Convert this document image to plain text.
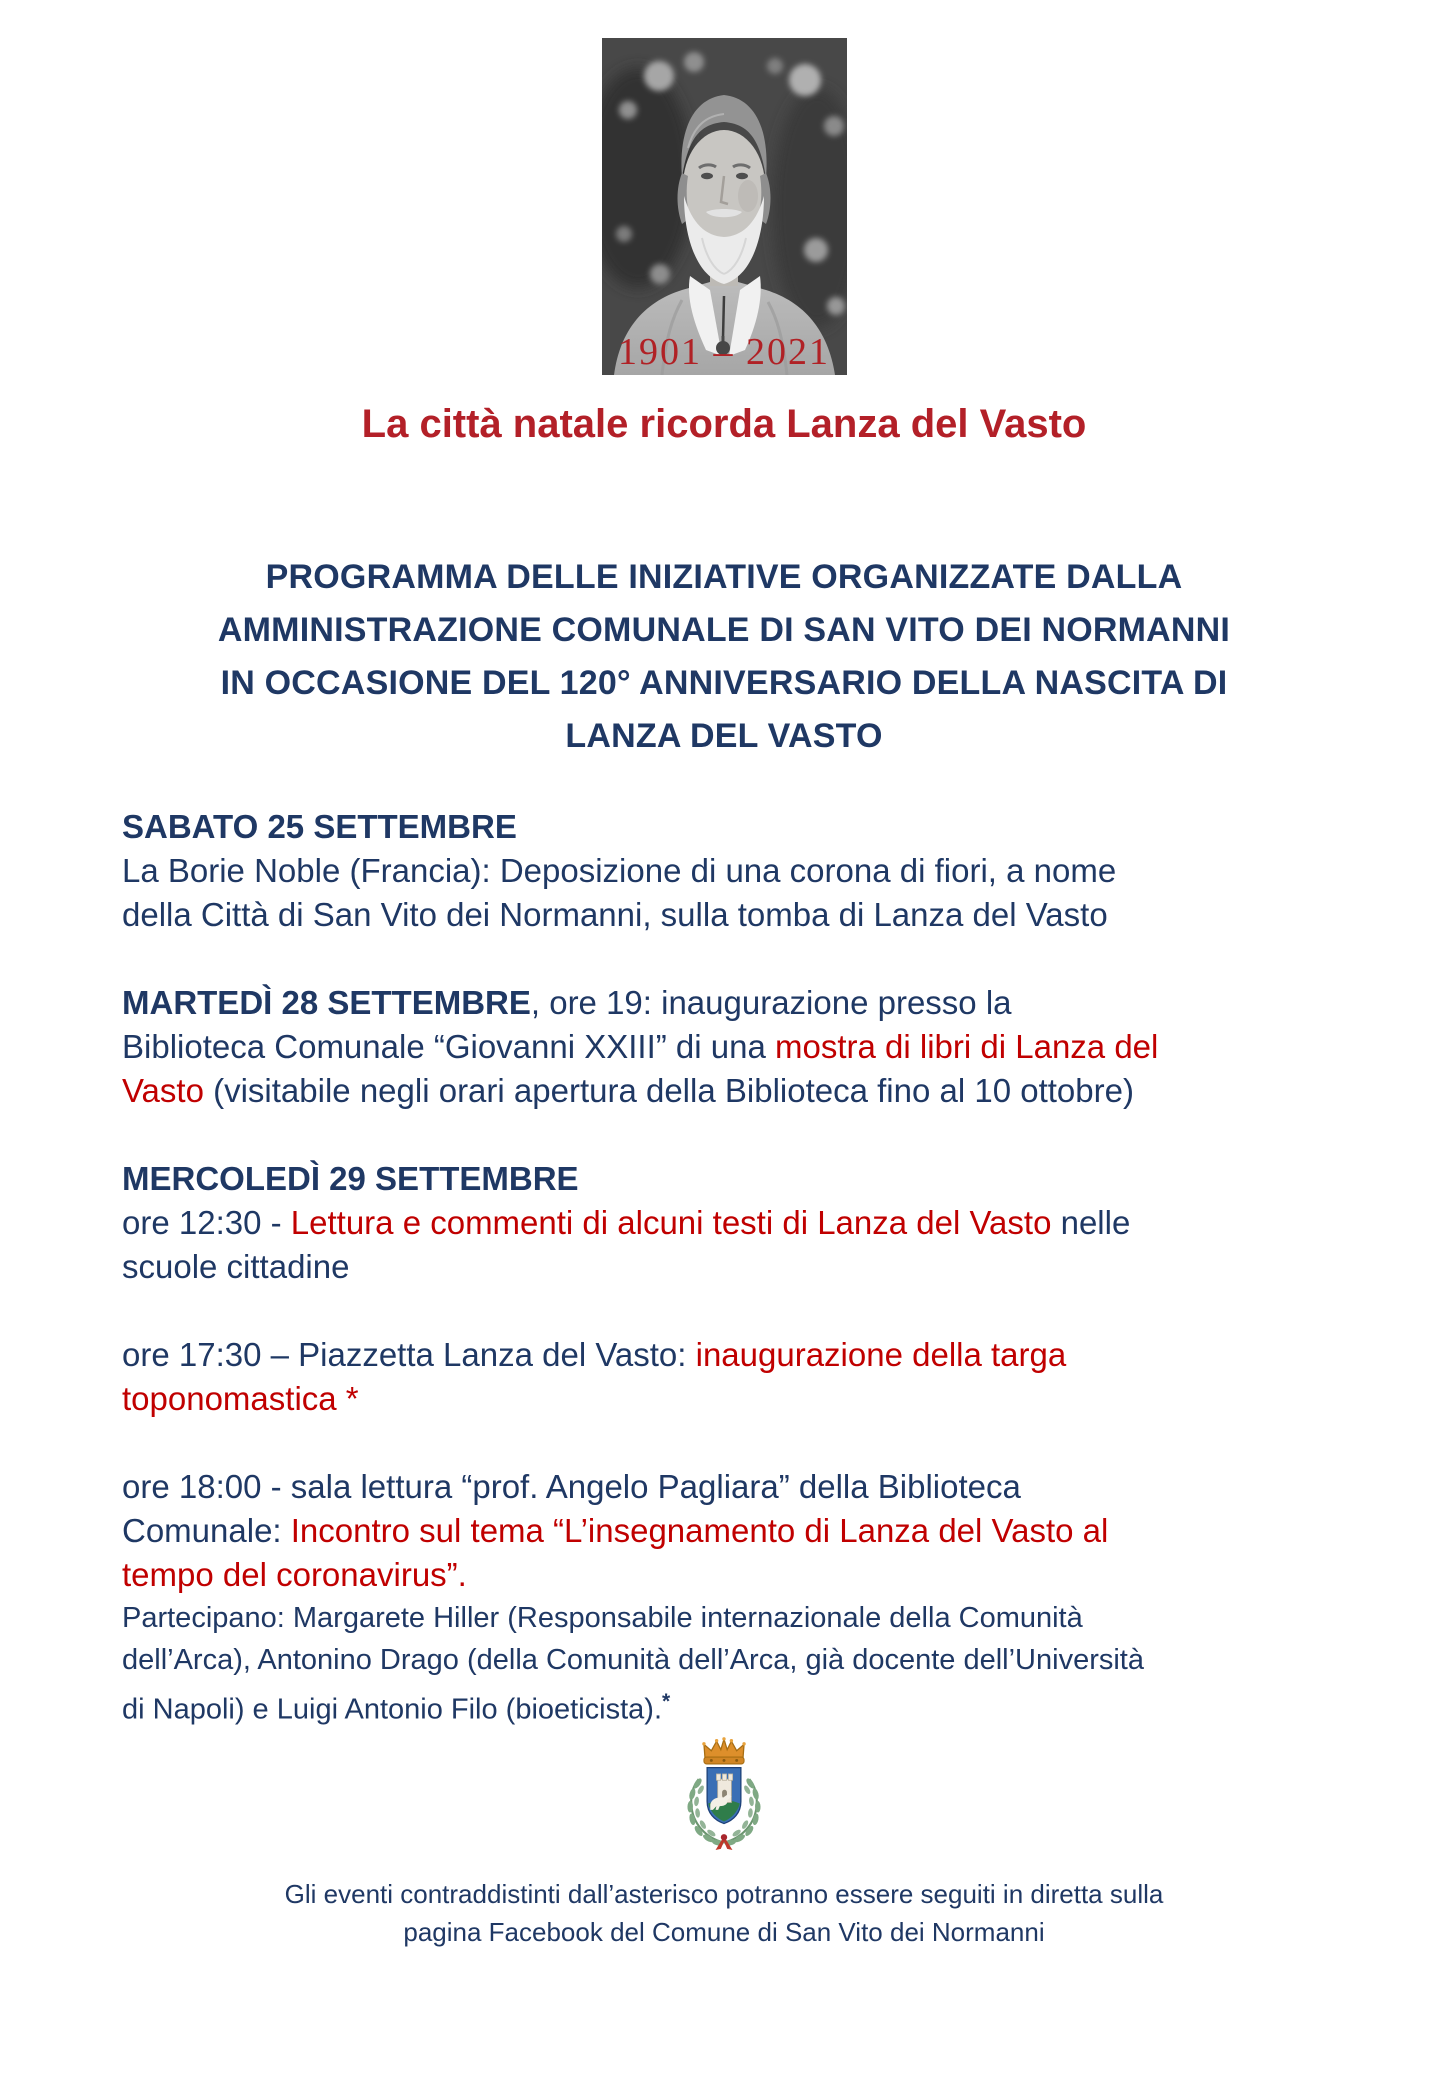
1901 – 2021
La città natale ricorda Lanza del Vasto
PROGRAMMA DELLE INIZIATIVE ORGANIZZATE DALLA
AMMINISTRAZIONE COMUNALE DI SAN VITO DEI NORMANNI
IN OCCASIONE DEL 120° ANNIVERSARIO DELLA NASCITA DI
LANZA DEL VASTO
SABATO 25 SETTEMBRE
La Borie Noble (Francia): Deposizione di una corona di fiori, a nome
della Città di San Vito dei Normanni, sulla tomba di Lanza del Vasto
MARTEDÌ 28 SETTEMBRE, ore 19: inaugurazione presso la
Biblioteca Comunale “Giovanni XXIII” di una mostra di libri di Lanza del
Vasto (visitabile negli orari apertura della Biblioteca fino al 10 ottobre)
MERCOLEDÌ 29 SETTEMBRE
ore 12:30 - Lettura e commenti di alcuni testi di Lanza del Vasto nelle
scuole cittadine
ore 17:30 – Piazzetta Lanza del Vasto: inaugurazione della targa
toponomastica *
ore 18:00 - sala lettura “prof. Angelo Pagliara” della Biblioteca
Comunale: Incontro sul tema “L’insegnamento di Lanza del Vasto al
tempo del coronavirus”.
Partecipano: Margarete Hiller (Responsabile internazionale della Comunità
dell’Arca), Antonino Drago (della Comunità dell’Arca, già docente dell’Università
di Napoli) e Luigi Antonio Filo (bioeticista).*
Gli eventi contraddistinti dall’asterisco potranno essere seguiti in diretta sulla
pagina Facebook del Comune di San Vito dei Normanni
